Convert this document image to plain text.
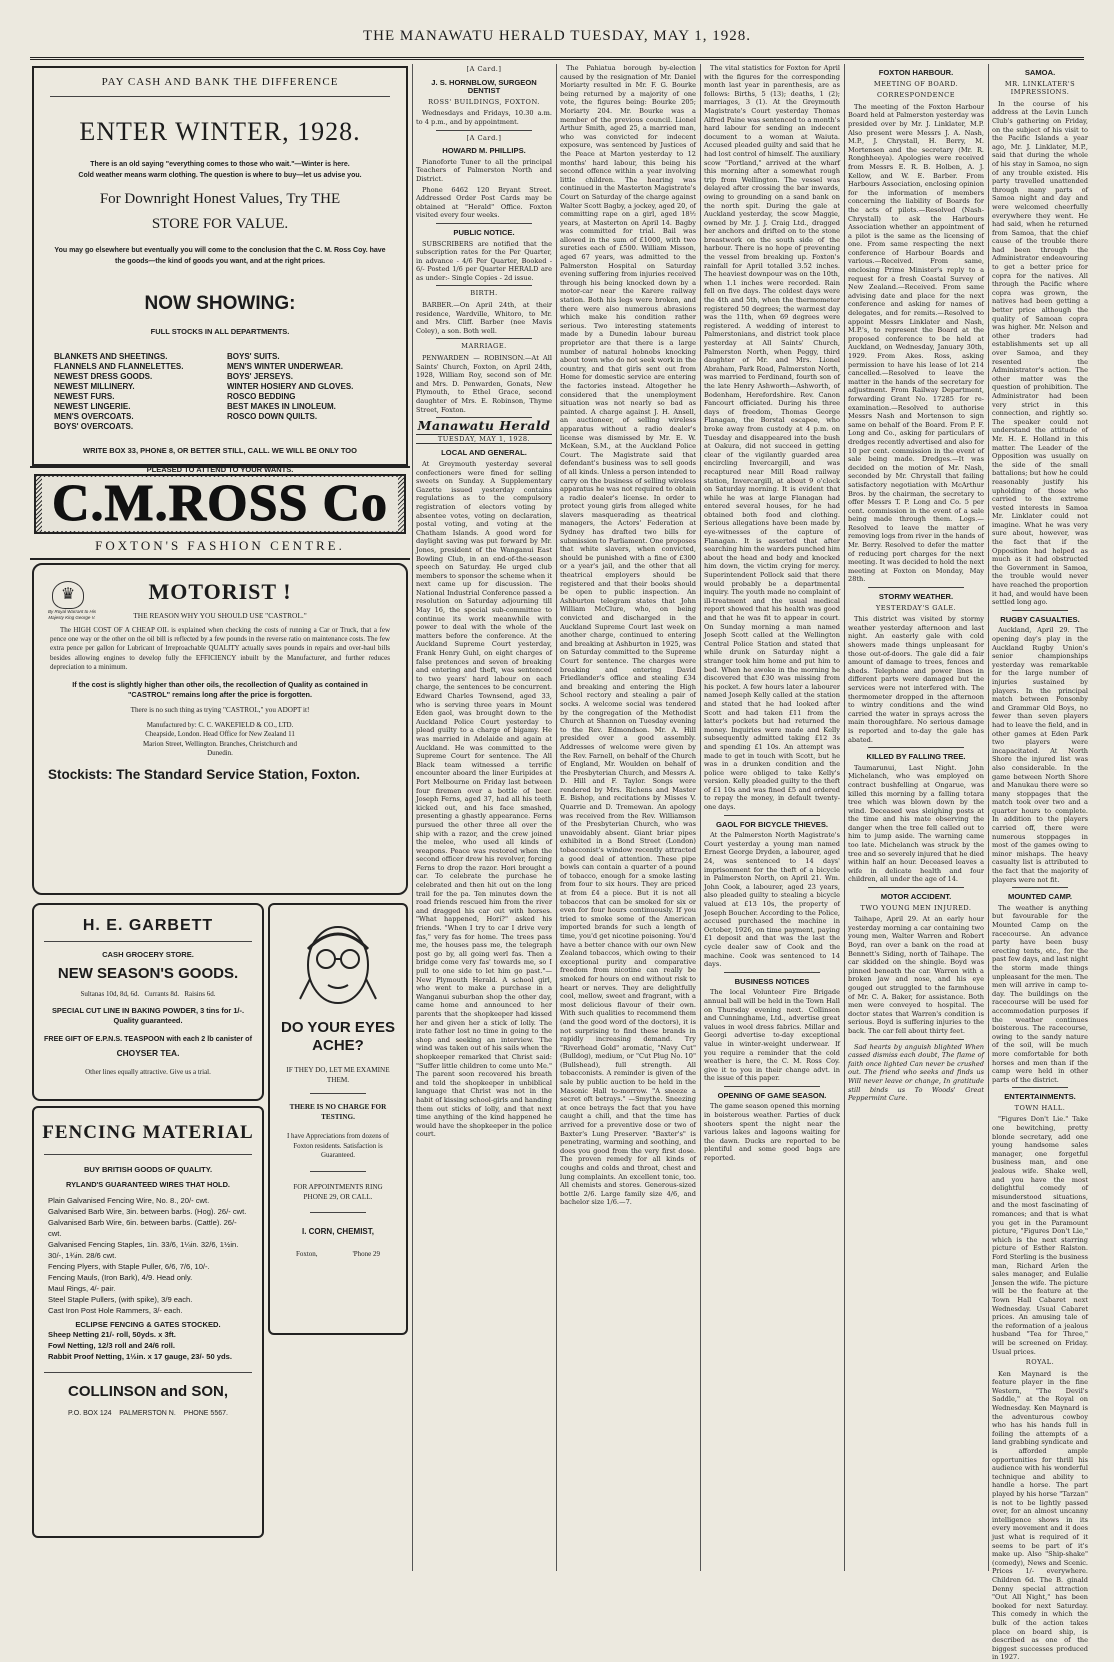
THE MANAWATU HERALD TUESDAY, MAY 1, 1928.
PAY CASH AND BANK THE DIFFERENCE
ENTER WINTER, 1928.
There is an old saying "everything comes to those who wait."—Winter is here.
Cold weather means warm clothing. The question is where to buy—let us advise you.
For Downright Honest Values, Try THE
STORE FOR VALUE.
You may go elsewhere but eventually you will come to the conclusion that the C. M. Ross Coy. have the goods—the kind of goods you want, and at the right prices.
NOW SHOWING:
FULL STOCKS IN ALL DEPARTMENTS.
BLANKETS AND SHEETINGS.
FLANNELS AND FLANNELETTES.
NEWEST DRESS GOODS.
NEWEST MILLINERY.
NEWEST FURS.
NEWEST LINGERIE.
MEN'S OVERCOATS.
BOYS' OVERCOATS.
BOYS' SUITS.
MEN'S WINTER UNDERWEAR.
BOYS' JERSEYS.
WINTER HOSIERY AND GLOVES.
ROSCO BEDDING
BEST MAKES IN LINOLEUM.
ROSCO DOWN QUILTS.
WRITE BOX 33, PHONE 8, OR BETTER STILL, CALL. WE WILL BE ONLY TOO
PLEASED TO ATTEND TO YOUR WANTS.
C.M.ROSS Co
FOXTON'S FASHION CENTRE.
♛
By Royal Warrant to His Majesty King George V.
MOTORIST !
THE REASON WHY YOU SHOULD USE "CASTROL."
The HIGH COST OF A CHEAP OIL is explained when checking the costs of running a Car or Truck, that a few pence one way or the other on the oil bill is reflected by a few pounds in the reverse ratio on maintenance costs. The few extra pence per gallon for Lubricant of Irreproachable QUALITY actually saves pounds in repairs and over-haul bills besides allowing engines to develop fully the EFFICIENCY inbuilt by the Manufacturer, and further reduces depreciation to a minimum.
If the cost is slightly higher than other oils, the recollection of Quality as contained in "CASTROL" remains long after the price is forgotten.
There is no such thing as trying "CASTROL," you ADOPT it!
Manufactured by: C. C. WAKEFIELD & CO., LTD. Cheapside, London. Head Office for New Zealand 11 Marion Street, Wellington. Branches, Christchurch and Dunedin.
Stockists: The Standard Service Station, Foxton.
H. E. GARBETT
CASH GROCERY STORE.
NEW SEASON'S GOODS.
Sultanas 10d, 8d, 6d.   Currants 8d.   Raisins 6d.
SPECIAL CUT LINE IN BAKING POWDER, 3 tins for 1/-. Quality guaranteed.
FREE GIFT OF E.P.N.S. TEASPOON with each 2 lb canister of
CHOYSER TEA.
Other lines equally attractive. Give us a trial.
DO YOUR EYES ACHE?
IF THEY DO, LET ME EXAMINE THEM.
THERE IS NO CHARGE FOR TESTING.
I have Appreciations from dozens of Foxton residents. Satisfaction is Guaranteed.
FOR APPOINTMENTS RING PHONE 29, OR CALL.
I. CORN, CHEMIST,
Foxton,                    'Phone 29
FENCING MATERIAL
BUY BRITISH GOODS OF QUALITY.
RYLAND'S GUARANTEED WIRES THAT HOLD.
Plain Galvanised Fencing Wire, No. 8., 20/- cwt.
Galvanised Barb Wire, 3in. between barbs. (Hog). 26/- cwt.
Galvanised Barb Wire, 6in. between barbs. (Cattle). 26/- cwt.
Galvanised Fencing Staples, 1in. 33/6, 1¼in. 32/6, 1½in. 30/-, 1¾in. 28/6 cwt.
Fencing Plyers, with Staple Puller, 6/6, 7/6, 10/-.
Fencing Mauls, (Iron Bark), 4/9. Head only.
Maul Rings, 4/- pair.
Steel Staple Pullers, (with spike), 3/9 each.
Cast Iron Post Hole Rammers, 3/- each.
ECLIPSE FENCING & GATES STOCKED.
Sheep Netting 21/- roll, 50yds. x 3ft.
Fowl Netting, 12/3 roll and 24/6 roll.
Rabbit Proof Netting, 1½in. x 17 gauge, 23/- 50 yds.
COLLINSON and SON,
P.O. BOX 124    PALMERSTON N.    PHONE 5567.
[A Card.]
J. S. HORNBLOW, SURGEON DENTIST
ROSS' BUILDINGS, FOXTON.

Wednesdays and Fridays, 10.30 a.m. to 4 p.m., and by appointment.

[A Card.]
HOWARD M. PHILLIPS.

Pianoforte Tuner to all the principal Teachers of Palmerston North and District.

Phone 6462 120 Bryant Street. Addressed Order Post Cards may be obtained at "Herald" Office. Foxton visited every four weeks.

PUBLIC NOTICE.

SUBSCRIBERS are notified that the subscription rates for the Per Quarter, in advance - 4/6 Per Quarter, Booked - 6/- Posted 1/6 per Quarter HERALD are as under:- Single Copies - 2d issue.

BIRTH.

BARBER.—On April 24th, at their residence, Wardville, Whitoro, to Mr. and Mrs. Cliff. Barber (nee Mavis Coley), a son. Both well.

MARRIAGE.

PENWARDEN — ROBINSON.—At All Saints' Church, Foxton, on April 24th, 1928, William Roy, second son of Mr. and Mrs. D. Penwarden, Gonats, New Plymouth, to Ethel Grace, second daughter of Mrs. E. Robinson, Thyme Street, Foxton.

Manawatu Herald
TUESDAY, MAY 1, 1928.
LOCAL AND GENERAL.

At Greymouth yesterday several confectioners were fined for selling sweets on Sunday. A Supplementary Gazette issued yesterday contains regulations as to the compulsory registration of electors voting by absentee votes, voting on declaration, postal voting, and voting at the Chatham Islands. A good word for daylight saving was put forward by Mr. Jones, president of the Wanganui East Bowling Club, in an end-of-the-season speech on Saturday. He urged club members to sponsor the scheme when it next came up for discussion. The National Industrial Conference passed a resolution on Saturday adjourning till May 16, the special sub-committee to continue its work meanwhile with power to deal with the whole of the matters before the conference. At the Auckland Supreme Court yesterday, Frank Henry Guhl, on eight charges of false pretences and seven of breaking and entering and theft, was sentenced to two years' hard labour on each charge, the sentences to be concurrent. Edward Charles Townsend, aged 33, who is serving three years in Mount Eden gaol, was brought down to the Auckland Police Court yesterday to plead guilty to a charge of bigamy. He was married in Adelaide and again at Auckland. He was committed to the Supreme Court for sentence. The All Black team witnessed a terrific encounter aboard the liner Euripides at Port Melbourne on Friday last between four firemen over a bottle of beer. Joseph Ferns, aged 37, had all his teeth kicked out, and his face smashed, presenting a ghastly appearance. Ferns pursued the other three all over the ship with a razor, and the crew joined the melee, who used all kinds of weapons. Peace was restored when the second officer drew his revolver, forcing Ferns to drop the razor. Hori brought a car. To celebrate the purchase he celebrated and then hit out on the long trail for the pa. Ten minutes down the road friends rescued him from the river and dragged his car out with horses. "What happened, Hori?" asked his friends. "When I try to car I drive very fas," very fas for home. The trees pass me, the houses pass me, the telegraph post go by, all going werl fas. Then a bridge come very fas' towards me, so I pull to one side to let him go past."—New Plymouth Herald. A school girl, who went to make a purchase in a Wanganui suburban shop the other day, came home and announced to her parents that the shopkeeper had kissed her and given her a stick of lolly. The irate father lost no time in going to the shop and seeking an interview. The wind was taken out of his sails when the shopkeeper remarked that Christ said: "Suffer little children to come unto Me." The parent soon recovered his breath and told the shopkeeper in unbiblical language that Christ was not in the habit of kissing school-girls and handing them out sticks of lolly, and that next time anything of the kind happened he would have the shopkeeper in the police court.

The Pahiatua borough by-election caused by the resignation of Mr. Daniel Moriarty resulted in Mr. F. G. Bourke being returned by a majority of one vote, the figures being: Bourke 205; Moriarty 204. Mr. Bourke was a member of the previous council. Lionel Arthur Smith, aged 25, a married man, who was convicted for indecent exposure, was sentenced by Justices of the Peace at Marton yesterday to 12 months' hard labour, this being his second offence within a year involving little children. The hearing was continued in the Masterton Magistrate's Court on Saturday of the charge against Walter Scott Bagby, a jockey, aged 20, of committing rape on a girl, aged 18½ years, at Masterton on April 14. Bagby was committed for trial. Bail was allowed in the sum of £1000, with two sureties each of £500. William Misson, aged 67 years, was admitted to the Palmerston Hospital on Saturday evening suffering from injuries received through his being knocked down by a motor-car near the Karere railway station. Both his legs were broken, and there were also numerous abrasions which make his condition rather serious. Two interesting statements made by a Dunedin labour bureau proprietor are that there is a large number of natural hobnobs knocking about town who do not seek work in the country, and that girls sent out from Home for domestic service are entering the factories instead. Altogether he considered that the unemployment situation was not nearly so bad as painted. A charge against J. H. Ansell, an auctioneer, of selling wireless apparatus without a radio dealer's license was dismissed by Mr. E. W. McKean, S.M., at the Auckland Police Court. The Magistrate said that defendant's business was to sell goods of all kinds. Unless a person intended to carry on the business of selling wireless apparatus he was not required to obtain a radio dealer's license. In order to protect young girls from alleged white slavers masquerading as theatrical managers, the Actors' Federation at Sydney has drafted two bills for submission to Parliament. One proposes that white slavers, when convicted, should be punished with a fine of £300 or a year's jail, and the other that all theatrical employers should be registered and that their books should be open to public inspection. An Ashburton telegram states that John William McClure, who, on being convicted and discharged in the Auckland Supreme Court last week on another charge, continued to entering and breaking at Ashburton in 1925, was on Saturday committed to the Supreme Court for sentence. The charges were breaking and entering David Friedlander's office and stealing £34 and breaking and entering the High School rectory and stealing a pair of socks. A welcome social was tendered by the congregation of the Methodist Church at Shannon on Tuesday evening to the Rev. Edmondson. Mr. A. Hill presided over a good assembly. Addresses of welcome were given by the Rev. Farnell, on behalf of the Church of England, Mr. Woulden on behalf of the Presbyterian Church, and Messrs A. D. Hill and F. Taylor. Songs were rendered by Mrs. Richens and Master E. Bishop, and recitations by Misses V. Quarrie and D. Tremewan. An apology was received from the Rev. Williamson of the Presbyterian Church, who was unavoidably absent. Giant briar pipes exhibited in a Bond Street (London) tobacconist's window recently attracted a good deal of attention. These pipe bowls can contain a quarter of a pound of tobacco, enough for a smoke lasting from four to six hours. They are priced at from £4 a piece. But it is not all tobaccos that can be smoked for six or even for four hours continuously. If you tried to smoke some of the American imported brands for such a length of time, you'd get nicotine poisoning. You'd have a better chance with our own New Zealand tobaccos, which owing to their exceptional purity and comparative freedom from nicotine can really be smoked for hours on end without risk to heart or nerves. They are delightfully cool, mellow, sweet and fragrant, with a most delicious flavour of their own. With such qualities to recommend them (and the good word of the doctors), it is not surprising to find these brands in rapidly increasing demand. Try "Riverhead Gold" aromatic, "Navy Cut" (Bulldog), medium, or "Cut Plug No. 10" (Bullshead), full strength. All tobacconists. A reminder is given of the sale by public auction to be held in the Masonic Hall to-morrow. "A sneeze a secret oft betrays." —Smythe. Sneezing at once betrays the fact that you have caught a chill, and that the time has arrived for a preventive dose or two of Baxter's Lung Preserver. "Baxter's" is penetrating, warming and soothing, and does you good from the very first dose. The proven remedy for all kinds of coughs and colds and throat, chest and lung complaints. An excellent tonic, too. All chemists and stores. Generous-sized bottle 2/6. Large family size 4/6, and bachelor size 1/6.—7.

The vital statistics for Foxton for April with the figures for the corresponding month last year in parenthesis, are as follows: Births, 5 (13); deaths, 1 (2); marriages, 3 (1). At the Greymouth Magistrate's Court yesterday Thomas Alfred Paine was sentenced to a month's hard labour for sending an indecent document to a woman at Waiuta. Accused pleaded guilty and said that he had lost control of himself. The auxiliary scow "Portland," arrived at the wharf this morning after a somewhat rough trip from Wellington. The vessel was delayed after crossing the bar inwards, owing to grounding on a sand bank on the north spit. During the gale at Auckland yesterday, the scow Maggie, owned by Mr. J. J. Craig Ltd., dragged her anchors and drifted on to the stone breastwork on the south side of the harbour. There is no hope of preventing the vessel from breaking up. Foxton's rainfall for April totalled 3.52 inches. The heaviest downpour was on the 10th, when 1.1 inches were recorded. Rain fell on five days. The coldest days were the 4th and 5th, when the thermometer registered 50 degrees; the warmest day was the 11th, when 69 degrees were registered. A wedding of interest to Palmerstonians, and district took place yesterday at All Saints' Church, Palmerston North, when Peggy, third daughter of Mr. and Mrs. Lionel Abraham, Park Road, Palmerston North, was married to Ferdinand, fourth son of the late Henry Ashworth—Ashworth, of Bodenham, Herefordshire. Rev. Canon Fancourt officiated. During his three days of freedom, Thomas George Flanagan, the Borstal escapee, who broke away from custody at 4 p.m. on Tuesday and disappeared into the bush at Oakura, did not succeed in getting clear of the vigilantly guarded area encircling Invercargill, and was recaptured near Mill Road railway station, Invercargill, at about 9 o'clock on Saturday morning. It is evident that while he was at large Flanagan had entered several houses, for he had obtained both food and clothing. Serious allegations have been made by eye-witnesses of the capture of Flanagan. It is asserted that after searching him the warders punched him about the head and body and knocked him down, the victim crying for mercy. Superintendent Pollock said that there would probably be a departmental inquiry. The youth made no complaint of ill-treatment and the usual medical report showed that his health was good and that he was fit to appear in court. On Sunday morning a man named Joseph Scott called at the Wellington Central Police Station and stated that while drunk on Saturday night a stranger took him home and put him to bed. When he awoke in the morning he discovered that £30 was missing from his pocket. A few hours later a labourer named Joseph Kelly called at the station and stated that he had looked after Scott and had taken £11 from the latter's pockets but had returned the money. Inquiries were made and Kelly subsequently admitted taking £12 3s and spending £1 10s. An attempt was made to get in touch with Scott, but he was in a drunken condition and the police were obliged to take Kelly's version. Kelly pleaded guilty to the theft of £1 10s and was fined £5 and ordered to repay the money, in default twenty-one days.

GAOL FOR BICYCLE THIEVES.

At the Palmerston North Magistrate's Court yesterday a young man named Ernest George Dryden, a labourer, aged 24, was sentenced to 14 days' imprisonment for the theft of a bicycle in Palmerston North, on April 21. Wm. John Cook, a labourer, aged 23 years, also pleaded guilty to stealing a bicycle valued at £13 10s, the property of Joseph Boucher. According to the Police, accused purchased the machine in October, 1926, on time payment, paying £1 deposit and that was the last the cycle dealer saw of Cook and the machine. Cook was sentenced to 14 days.

BUSINESS NOTICES

The local Volunteer Fire Brigade annual ball will be held in the Town Hall on Thursday evening next. Collinson and Cunninghame, Ltd., advertise great values in wool dress fabrics. Millar and Georgi advertise to-day exceptional value in winter-weight underwear. If you require a reminder that the cold weather is here, the C. M. Ross Coy. give it to you in their change advt. in the issue of this paper.

OPENING OF GAME SEASON.

The game season opened this morning in boisterous weather. Parties of duck shooters spent the night near the various lakes and lagoons waiting for the dawn. Ducks are reported to be plentiful and some good bags are reported.

FOXTON HARBOUR.
MEETING OF BOARD.
CORRESPONDENCE

The meeting of the Foxton Harbour Board held at Palmerston yesterday was presided over by Mr. J. Linklater, M.P. Also present were Messrs J. A. Nash, M.P., J. Chrystall, H. Berry, M. Mortensen and the secretary (Mr. R. Ronghheeya). Apologies were received from Messrs E. R. B. Holben, A. J. Kellow, and W. E. Barber. From Harbours Association, enclosing opinion for the information of members concerning the liability of Boards for the acts of pilots.—Resolved (Nash-Chrystall) to ask the Harbours Association whether an appointment of a pilot is the same as the licensing of one. From same respecting the next conference of Harbour Boards and various.—Received. From same, enclosing Prime Minister's reply to a request for a fresh Coastal Survey of New Zealand.—Received. From same advising date and place for the next conference and asking for names of delegates, and for remits.—Resolved to appoint Messrs Linklater and Nash, M.P.'s, to represent the Board at the proposed conference to be held at Auckland, on Wednesday, January 30th, 1929. From Akes. Ross, asking permission to have his lease of lot 214 cancelled.—Resolved to leave the matter in the hands of the secretary for adjustment. From Railway Department, forwarding Grant No. 17285 for re-examination.—Resolved to authorise Messrs Nash and Mortenson to sign same on behalf of the Board. From P. F. Long and Co., asking for particulars of dredges recently advertised and also for 10 per cent. commission in the event of sale being made. Dredges.—It was decided on the motion of Mr. Nash, seconded by Mr. Chrystall that failing satisfactory negotiation with McArthur Bros. by the chairman, the secretary to offer Messrs T. P. Long and Co. 5 per cent. commission in the event of a sale being made through them. Logs.—Resolved to leave the matter of removing logs from river in the hands of Mr. Berry. Resolved to defer the matter of reducing port charges for the next meeting. It was decided to hold the next meeting at Foxton on Monday, May 28th.

STORMY WEATHER.
YESTERDAY'S GALE.

This district was visited by stormy weather yesterday afternoon and last night. An easterly gale with cold showers made things unpleasant for those out-of-doors. The gale did a fair amount of damage to trees, fences and sheds. Telephone and power lines in different parts were damaged but the services were not interfered with. The thermometer dropped in the afternoon to wintry conditions and the wind carried the water in sprays across the main thoroughfare. No serious damage is reported and to-day the gale has abated.

KILLED BY FALLING TREE.

Taumarunui, Last Night. John Michelanch, who was employed on contract bushfelling at Ongarue, was killed this morning by a falling totara tree which was blown down by the wind. Deceased was sleighing posts at the time and his mate observing the danger when the tree fell called out to him to jump aside. The warning came too late. Michelanch was struck by the tree and so severely injured that he died within half an hour. Deceased leaves a wife in delicate health and four children, all under the age of 14.

MOTOR ACCIDENT.
TWO YOUNG MEN INJURED.

Taihape, April 29. At an early hour yesterday morning a car containing two young men, Walter Warren and Robert Boyd, ran over a bank on the road at Bennett's Siding, north of Taihape. The car skidded on the shingle. Boyd was pinned beneath the car. Warren with a broken jaw and nose, and his eye gouged out struggled to the farmhouse of Mr. C. A. Baker, for assistance. Both men were conveyed to hospital. The doctor states that Warren's condition is serious. Boyd is suffering injuries to the back. The car fell about thirty feet.

Sad hearts by anguish blighted When cassed dismiss each doubt, The flame of faith once lighted Can never be crushed out. The friend who seeks and finds us Will never leave or change, In gratitude still binds us To Woods' Great Peppermint Cure.

SAMOA.
MR. LINKLATER'S IMPRESSIONS.

In the course of his address at the Levin Lunch Club's gathering on Friday, on the subject of his visit to the Pacific Islands a year ago, Mr. J. Linklater, M.P., said that during the whole of his stay in Samoa, no sign of any trouble existed. His party travelled unattended through many parts of Samoa night and day and were welcomed cheerfully everywhere they went. He had said, when he returned from Samoa, that the chief cause of the trouble there had been through the Administrator endeavouring to get a better price for copra for the natives. All through the Pacific where copra was grown, the natives had been getting a better price although the quality of Samoan copra was higher. Mr. Nelson and other traders had establishments set up all over Samoa, and they resented the Administrator's action. The other matter was the question of prohibition. The Administrator had been very strict in this connection, and rightly so. The speaker could not understand the attitude of Mr. H. E. Holland in this matter. The Leader of the Opposition was usually on the side of the small battalions; but how he could reasonably justify his upholding of those who carried to the extreme vested interests in Samoa Mr. Linklater could not imagine. What he was very sure about, however, was the fact that if the Opposition had helped as much as it had obstructed the Government in Samoa, the trouble would never have reached the proportion it had, and would have been settled long ago.

RUGBY CASUALTIES.

Auckland, April 29. The opening day's play in the Auckland Rugby Union's senior championships yesterday was remarkable for the large number of injuries sustained by players. In the principal match between Ponsonby and Grammar Old Boys, no fewer than seven players had to leave the field, and in other games at Eden Park two players were incapacitated. At North Shore the injured list was also considerable. In the game between North Shore and Manukau there were so many stoppages that the match took over two and a quarter hours to complete. In addition to the players carried off, there were numerous stoppages in most of the games owing to minor mishaps. The heavy casualty list is attributed to the fact that the majority of players were not fit.

MOUNTED CAMP.

The weather is anything but favourable for the Mounted Camp on the racecourse. An advance party have been busy erecting tents, etc., for the past few days, and last night the storm made things unpleasant for the men. The men will arrive in camp to-day. The buildings on the racecourse will be used for accommodation purposes if the weather continues boisterous. The racecourse, owing to the sandy nature of the soil, will be much more comfortable for both horses and men than if the camp were held in other parts of the district.

ENTERTAINMENTS.
TOWN HALL.

"Figures Don't Lie." Take one bewitching, pretty blonde secretary, add one young handsome sales manager, one forgetful business man, and one jealous wife. Shake well, and you have the most delightful comedy of misunderstood situations, and the most fascinating of romances; and that is what you get in the Paramount picture, "Figures Don't Lie," which is the next starring picture of Esther Ralston. Ford Sterling is the business man, Richard Arlen the sales manager, and Eulalie Jensen the wife. The picture will be the feature at the Town Hall Cabaret next Wednesday. Usual Cabaret prices. An amusing tale of the reformation of a jealous husband "Tea for Three," will be screened on Friday. Usual prices.

ROYAL.

Ken Maynard is the feature player in the fine Western, "The Devil's Saddle," at the Royal on Wednesday. Ken Maynard is the adventurous cowboy who has his hands full in foiling the attempts of a land grabbing syndicate and is afforded ample opportunities for thrill his audience with his wonderful technique and ability to handle a horse. The part played by his horse "Tarzan" is not to be lightly passed over, for an almost uncanny intelligence shows in its every movement and it does just what is required of it seems to be part of it's make up. Also "Ship-shake" (comedy), News and Scenic. Prices 1/- everywhere. Children 6d. The B. ginald Denny special attraction "Out All Night," has been booked for next Saturday. This comedy in which the bulk of the action takes place on board ship, is described as one of the biggest successes produced in 1927.
